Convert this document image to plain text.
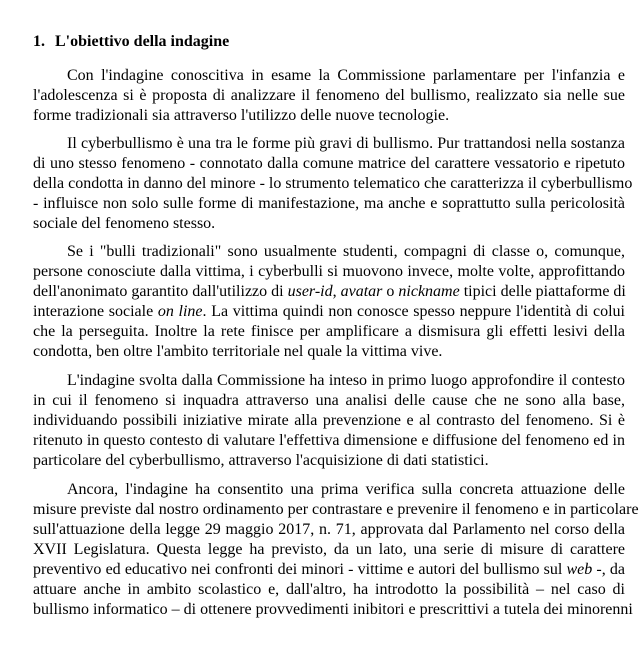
1. L'obiettivo della indagine
Con l'indagine conoscitiva in esame la Commissione parlamentare per l'infanzia e
l'adolescenza si è proposta di analizzare il fenomeno del bullismo, realizzato sia nelle sue
forme tradizionali sia attraverso l'utilizzo delle nuove tecnologie.
Il cyberbullismo è una tra le forme più gravi di bullismo. Pur trattandosi nella sostanza
di uno stesso fenomeno - connotato dalla comune matrice del carattere vessatorio e ripetuto
della condotta in danno del minore - lo strumento telematico che caratterizza il cyberbullismo
- influisce non solo sulle forme di manifestazione, ma anche e soprattutto sulla pericolosità
sociale del fenomeno stesso.
Se i "bulli tradizionali" sono usualmente studenti, compagni di classe o, comunque,
persone conosciute dalla vittima, i cyberbulli si muovono invece, molte volte, approfittando
dell'anonimato garantito dall'utilizzo di user-id, avatar o nickname tipici delle piattaforme di
interazione sociale on line. La vittima quindi non conosce spesso neppure l'identità di colui
che la perseguita. Inoltre la rete finisce per amplificare a dismisura gli effetti lesivi della
condotta, ben oltre l'ambito territoriale nel quale la vittima vive.
L'indagine svolta dalla Commissione ha inteso in primo luogo approfondire il contesto
in cui il fenomeno si inquadra attraverso una analisi delle cause che ne sono alla base,
individuando possibili iniziative mirate alla prevenzione e al contrasto del fenomeno. Si è
ritenuto in questo contesto di valutare l'effettiva dimensione e diffusione del fenomeno ed in
particolare del cyberbullismo, attraverso l'acquisizione di dati statistici.
Ancora, l'indagine ha consentito una prima verifica sulla concreta attuazione delle
misure previste dal nostro ordinamento per contrastare e prevenire il fenomeno e in particolare
sull'attuazione della legge 29 maggio 2017, n. 71, approvata dal Parlamento nel corso della
XVII Legislatura. Questa legge ha previsto, da un lato, una serie di misure di carattere
preventivo ed educativo nei confronti dei minori - vittime e autori del bullismo sul web -, da
attuare anche in ambito scolastico e, dall'altro, ha introdotto la possibilità – nel caso di
bullismo informatico – di ottenere provvedimenti inibitori e prescrittivi a tutela dei minorenni
